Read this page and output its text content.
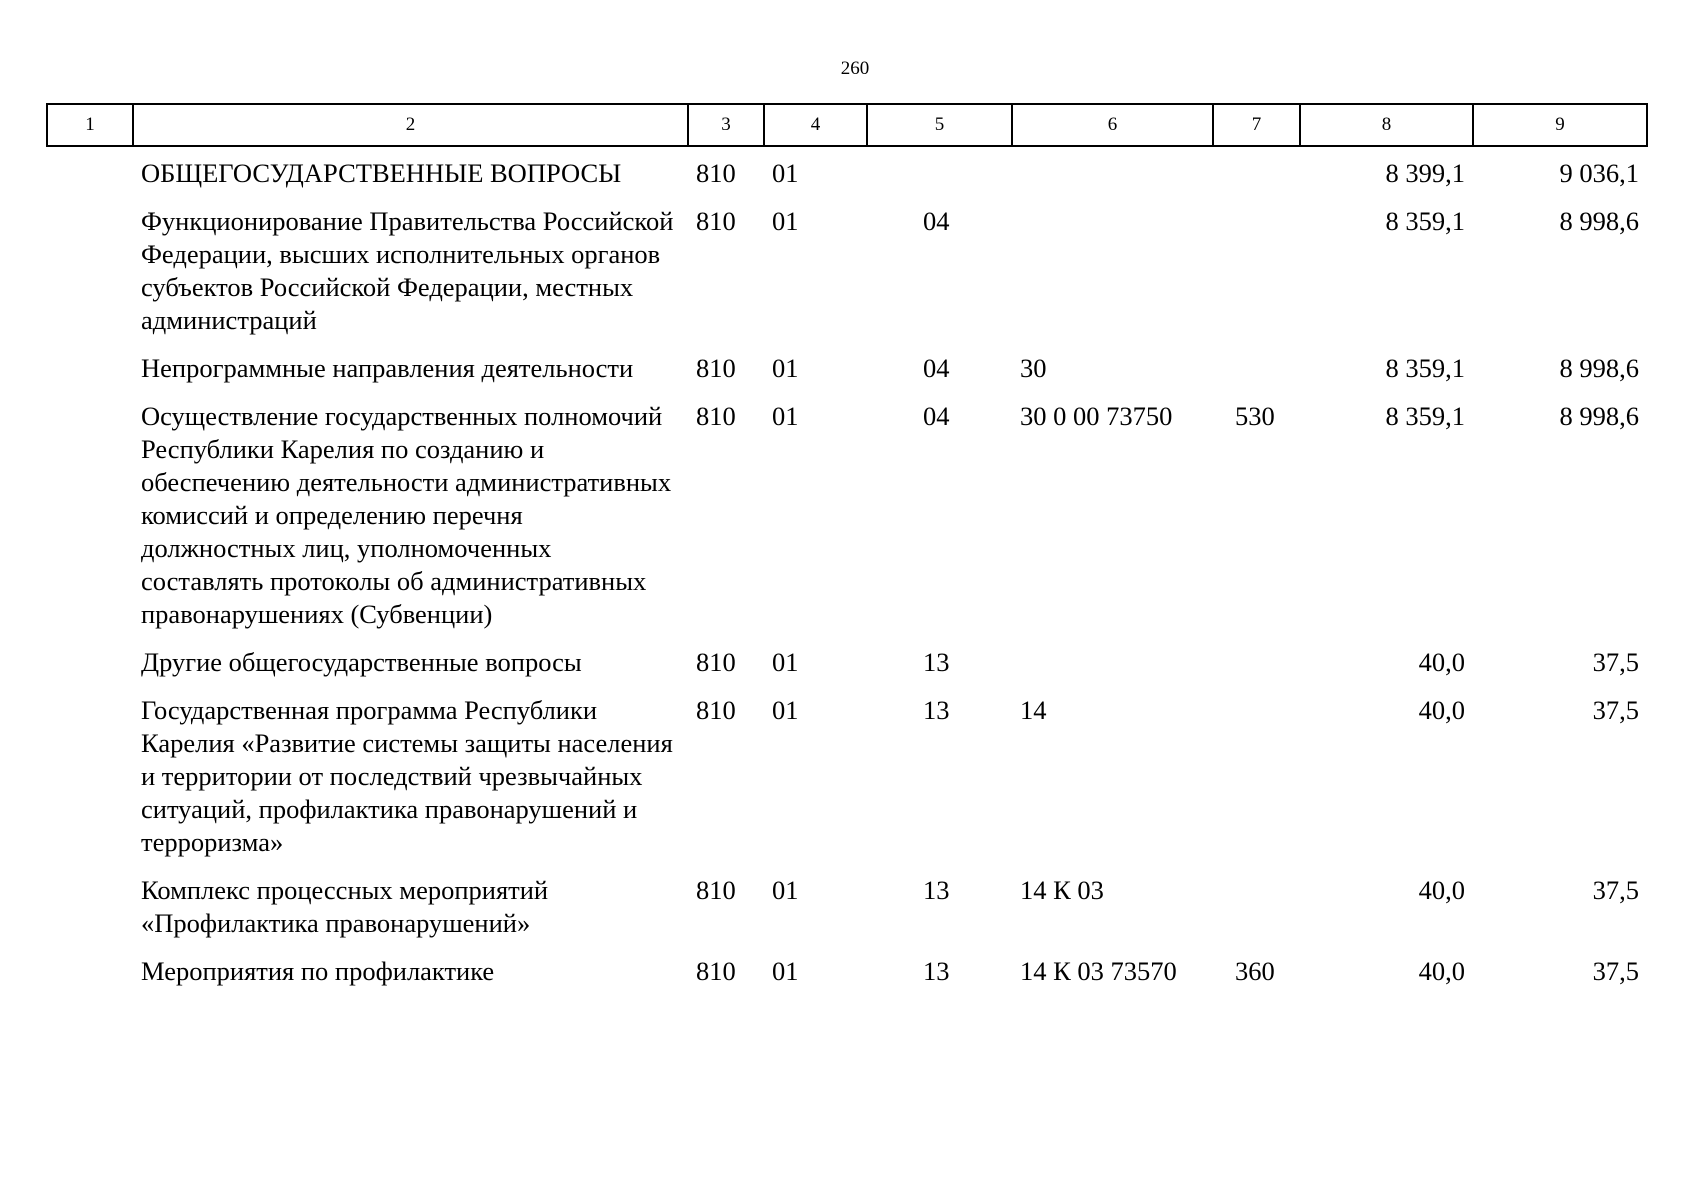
260
1	2	3	4	5	6	7	8	9
	ОБЩЕГОСУДАРСТВЕННЫЕ ВОПРОСЫ	810	01				8 399,1	9 036,1
	Функционирование Правительства Российской Федерации, высших исполнительных органов субъектов Российской Федерации, местных администраций	810	01	04			8 359,1	8 998,6
	Непрограммные направления деятельности	810	01	04	30		8 359,1	8 998,6
	Осуществление государственных полномочий Республики Карелия по созданию и обеспечению деятельности административных комиссий и определению перечня должностных лиц, уполномоченных составлять протоколы об административных правонарушениях (Субвенции)	810	01	04	30 0 00 73750	530	8 359,1	8 998,6
	Другие общегосударственные вопросы	810	01	13			40,0	37,5
	Государственная программа Республики Карелия «Развитие системы защиты населения и территории от последствий чрезвычайных ситуаций, профилактика правонарушений и терроризма»	810	01	13	14		40,0	37,5
	Комплекс процессных мероприятий «Профилактика правонарушений»	810	01	13	14 К 03		40,0	37,5
	Мероприятия по профилактике	810	01	13	14 К 03 73570	360	40,0	37,5
